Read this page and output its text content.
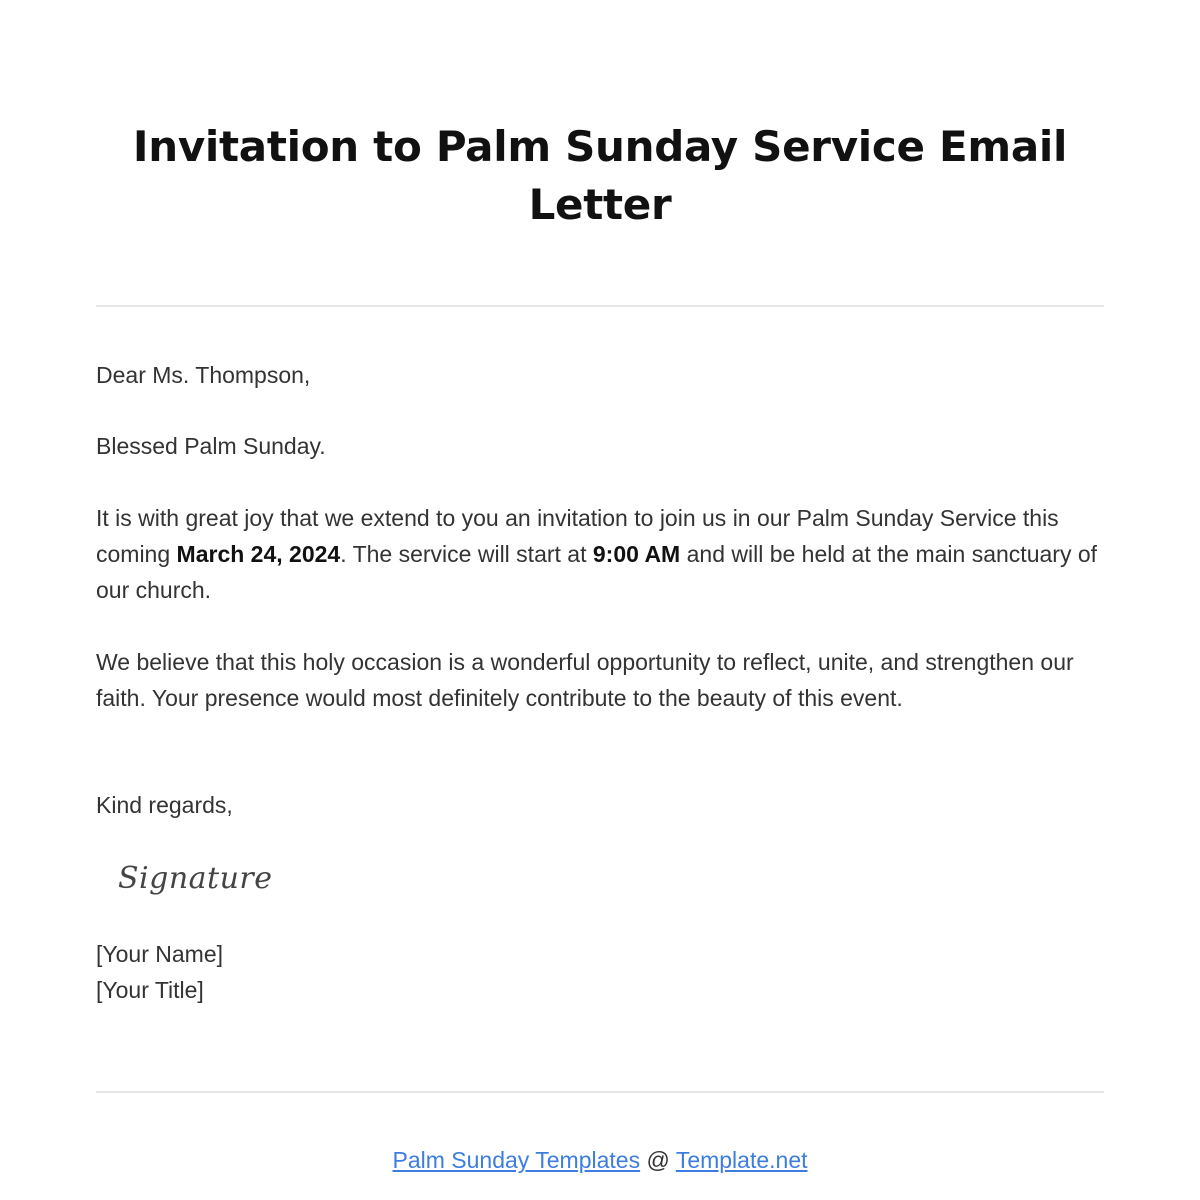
Invitation to Palm Sunday Service Email Letter

Dear Ms. Thompson,

Blessed Palm Sunday.

It is with great joy that we extend to you an invitation to join us in our Palm Sunday Service this coming March 24, 2024. The service will start at 9:00 AM and will be held at the main sanctuary of our church.

We believe that this holy occasion is a wonderful opportunity to reflect, unite, and strengthen our faith. Your presence would most definitely contribute to the beauty of this event.

Kind regards,

Signature

[Your Name]
[Your Title]

Palm Sunday Templates @ Template.net
